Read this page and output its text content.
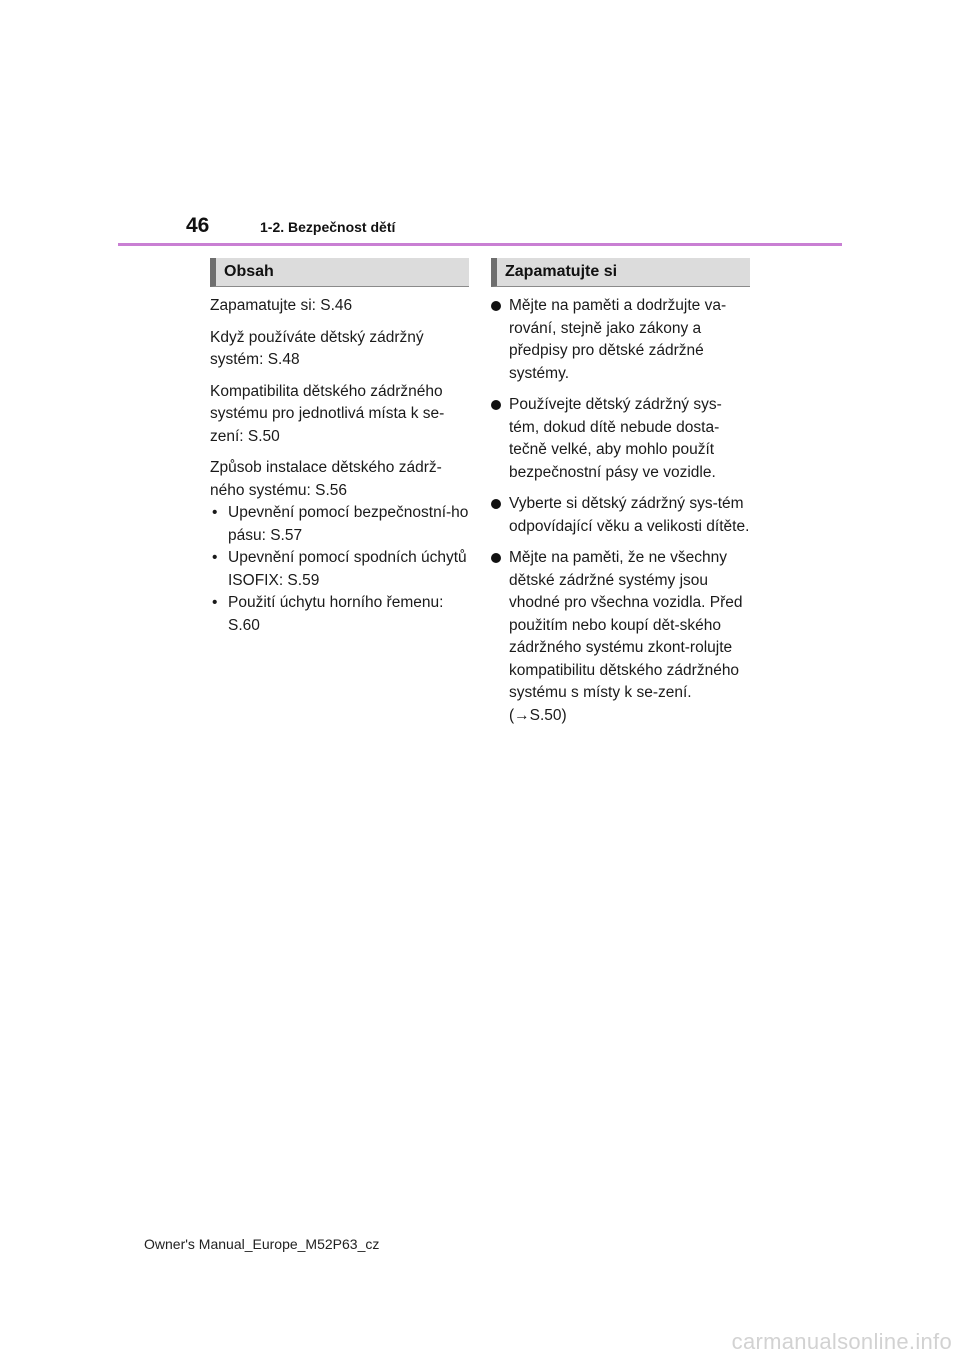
46	1-2. Bezpečnost dětí
Obsah

Zapamatujte si: S.46

Když používáte dětský zádržný systém: S.48

Kompatibilita dětského zádržného systému pro jednotlivá místa k se-zení: S.50

Způsob instalace dětského zádrž-ného systému: S.56

• Upevnění pomocí bezpečnostní-ho pásu: S.57
• Upevnění pomocí spodních úchytů ISOFIX: S.59
• Použití úchytu horního řemenu: S.60
Zapamatujte si
Mějte na paměti a dodržujte va-rování, stejně jako zákony a předpisy pro dětské zádržné systémy.
Používejte dětský zádržný sys-tém, dokud dítě nebude dosta-tečně velké, aby mohlo použít bezpečnostní pásy ve vozidle.
Vyberte si dětský zádržný sys-tém odpovídající věku a velikosti dítěte.
Mějte na paměti, že ne všechny dětské zádržné systémy jsou vhodné pro všechna vozidla. Před použitím nebo koupí dět-ského zádržného systému zkont-rolujte kompatibilitu dětského zádržného systému s místy k se-zení. (→S.50)
Owner's Manual_Europe_M52P63_cz
carmanualsonline.info
